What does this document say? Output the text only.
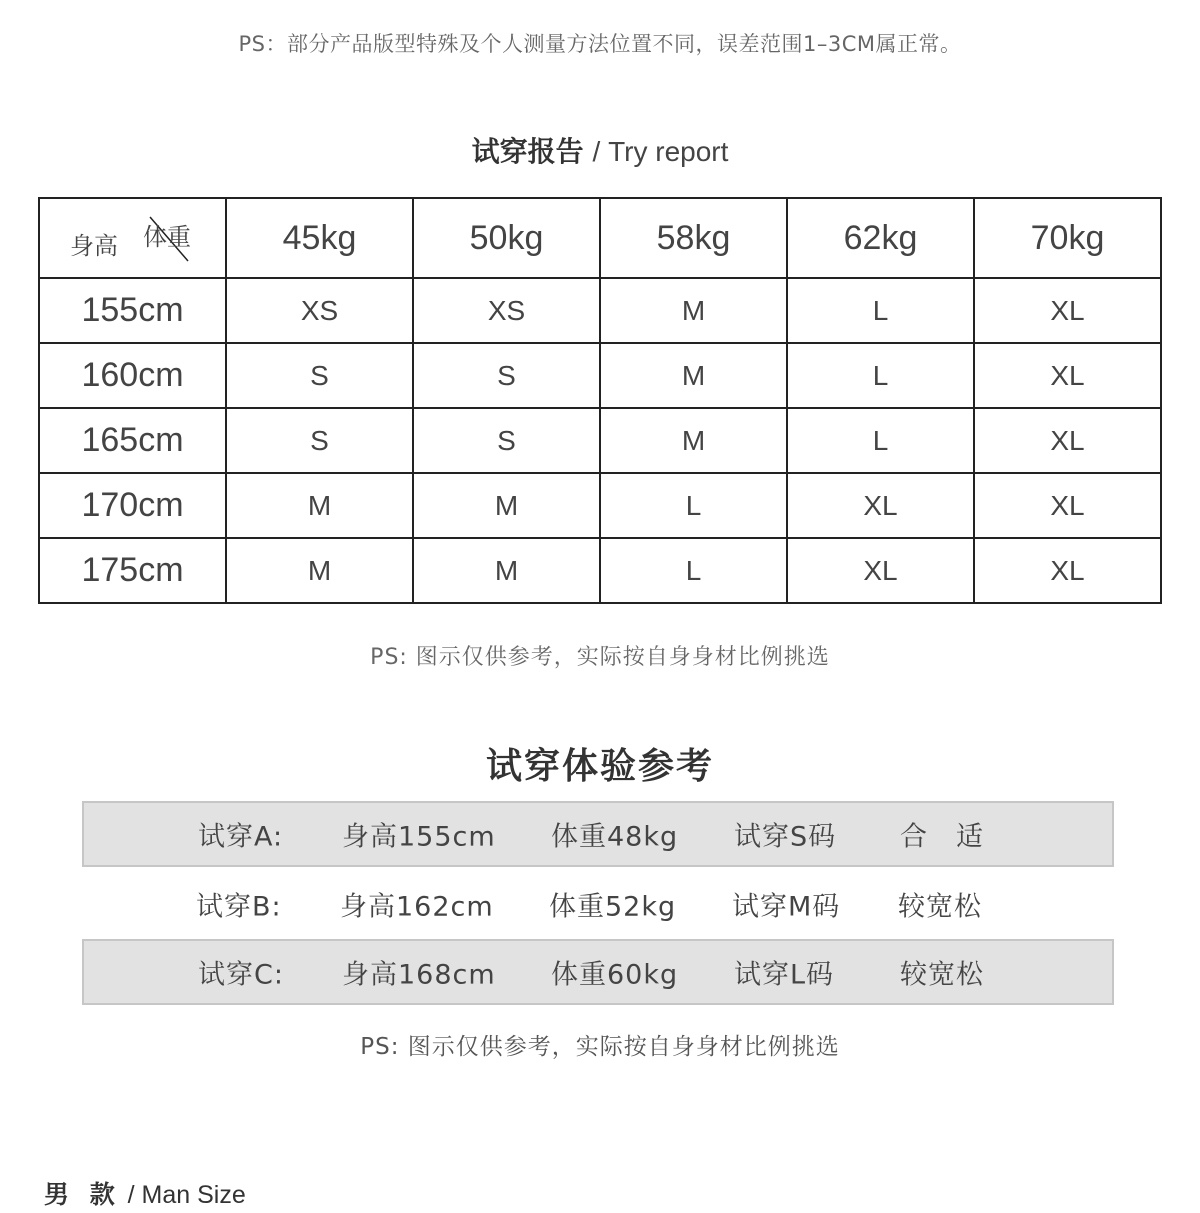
PS：部分产品版型特殊及个人测量方法位置不同，误差范围1–3CM属正常。
试穿报告 / Try report
体重
身高	45kg	50kg	58kg	62kg	70kg
155cm	XS	XS	M	L	XL
160cm	S	S	M	L	XL
165cm	S	S	M	L	XL
170cm	M	M	L	XL	XL
175cm	M	M	L	XL	XL
PS: 图示仅供参考，实际按自身身材比例挑选
试穿体验参考
试穿A: 身高155cm 体重48kg 试穿S码 合　适
试穿B: 身高162cm 体重52kg 试穿M码 较宽松
试穿C: 身高168cm 体重60kg 试穿L码 较宽松
PS: 图示仅供参考，实际按自身身材比例挑选
男 款 / Man Size
